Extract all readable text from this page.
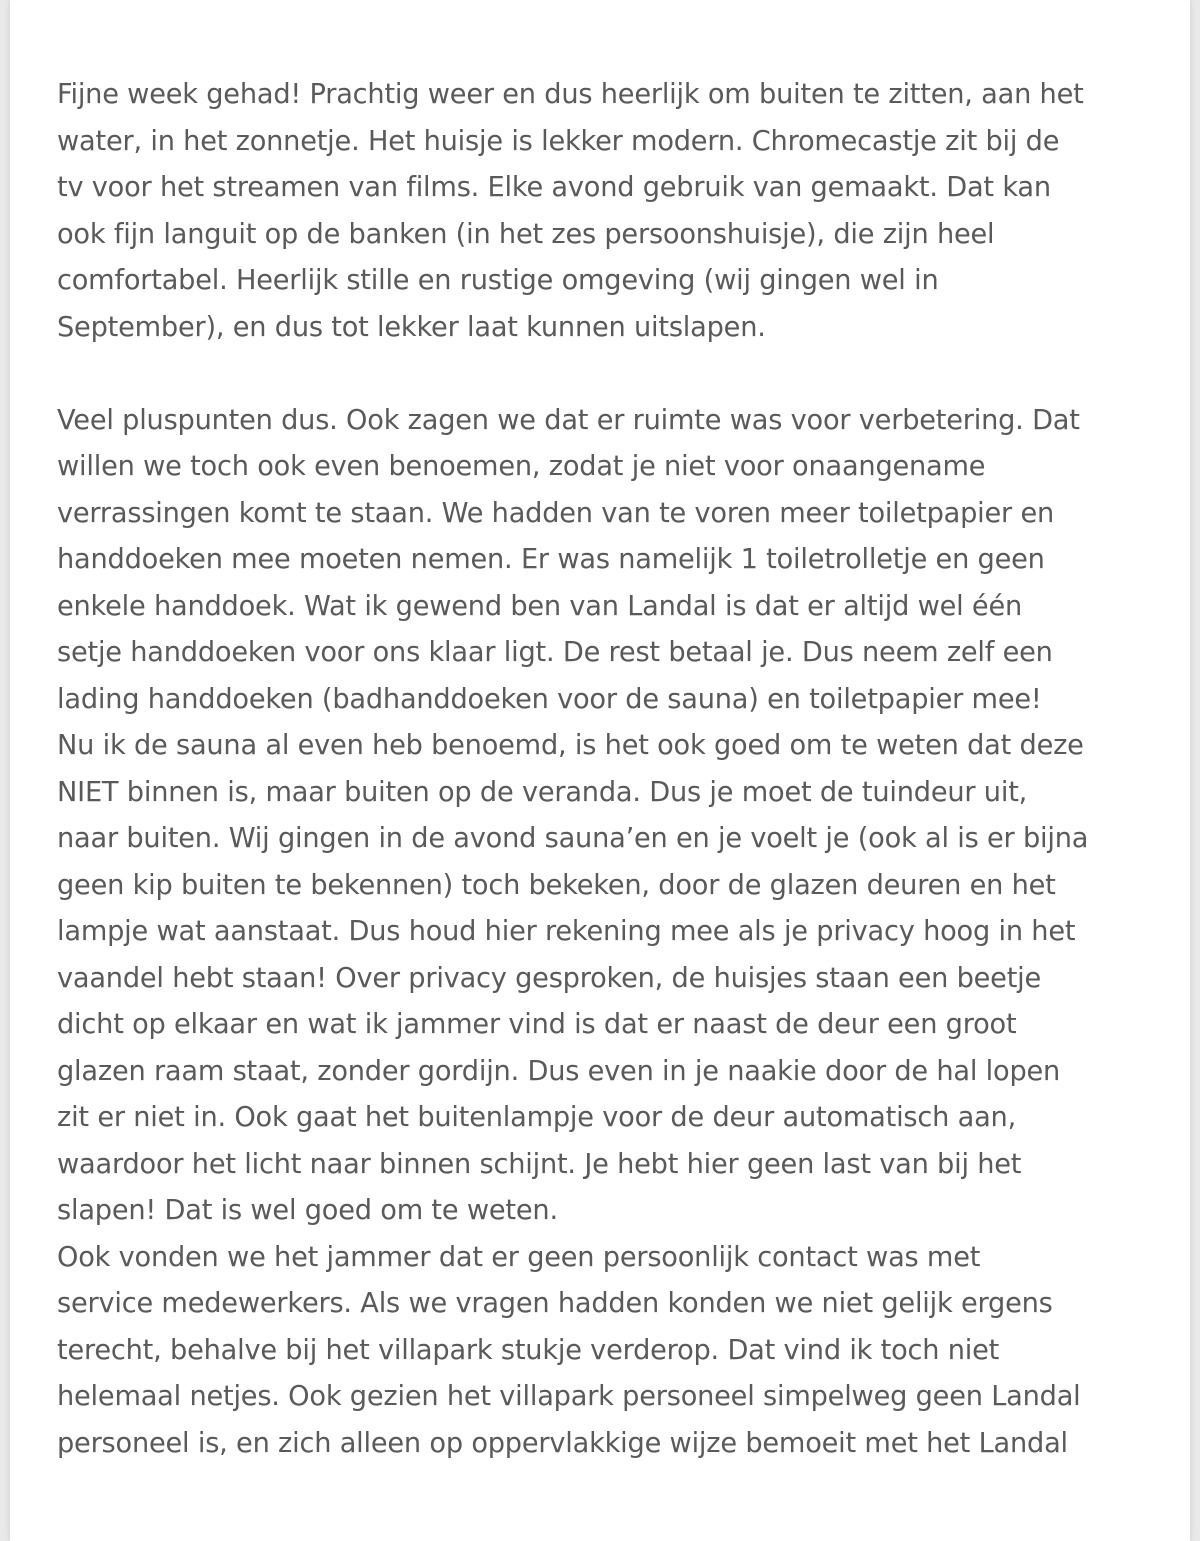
Fijne week gehad! Prachtig weer en dus heerlijk om buiten te zitten, aan het
water, in het zonnetje. Het huisje is lekker modern. Chromecastje zit bij de
tv voor het streamen van films. Elke avond gebruik van gemaakt. Dat kan
ook fijn languit op de banken (in het zes persoonshuisje), die zijn heel
comfortabel. Heerlijk stille en rustige omgeving (wij gingen wel in
September), en dus tot lekker laat kunnen uitslapen.
Veel pluspunten dus. Ook zagen we dat er ruimte was voor verbetering. Dat
willen we toch ook even benoemen, zodat je niet voor onaangename
verrassingen komt te staan. We hadden van te voren meer toiletpapier en
handdoeken mee moeten nemen. Er was namelijk 1 toiletrolletje en geen
enkele handdoek. Wat ik gewend ben van Landal is dat er altijd wel één
setje handdoeken voor ons klaar ligt. De rest betaal je. Dus neem zelf een
lading handdoeken (badhanddoeken voor de sauna) en toiletpapier mee!
Nu ik de sauna al even heb benoemd, is het ook goed om te weten dat deze
NIET binnen is, maar buiten op de veranda. Dus je moet de tuindeur uit,
naar buiten. Wij gingen in de avond sauna’en en je voelt je (ook al is er bijna
geen kip buiten te bekennen) toch bekeken, door de glazen deuren en het
lampje wat aanstaat. Dus houd hier rekening mee als je privacy hoog in het
vaandel hebt staan! Over privacy gesproken, de huisjes staan een beetje
dicht op elkaar en wat ik jammer vind is dat er naast de deur een groot
glazen raam staat, zonder gordijn. Dus even in je naakie door de hal lopen
zit er niet in. Ook gaat het buitenlampje voor de deur automatisch aan,
waardoor het licht naar binnen schijnt. Je hebt hier geen last van bij het
slapen! Dat is wel goed om te weten.
Ook vonden we het jammer dat er geen persoonlijk contact was met
service medewerkers. Als we vragen hadden konden we niet gelijk ergens
terecht, behalve bij het villapark stukje verderop. Dat vind ik toch niet
helemaal netjes. Ook gezien het villapark personeel simpelweg geen Landal
personeel is, en zich alleen op oppervlakkige wijze bemoeit met het Landal
